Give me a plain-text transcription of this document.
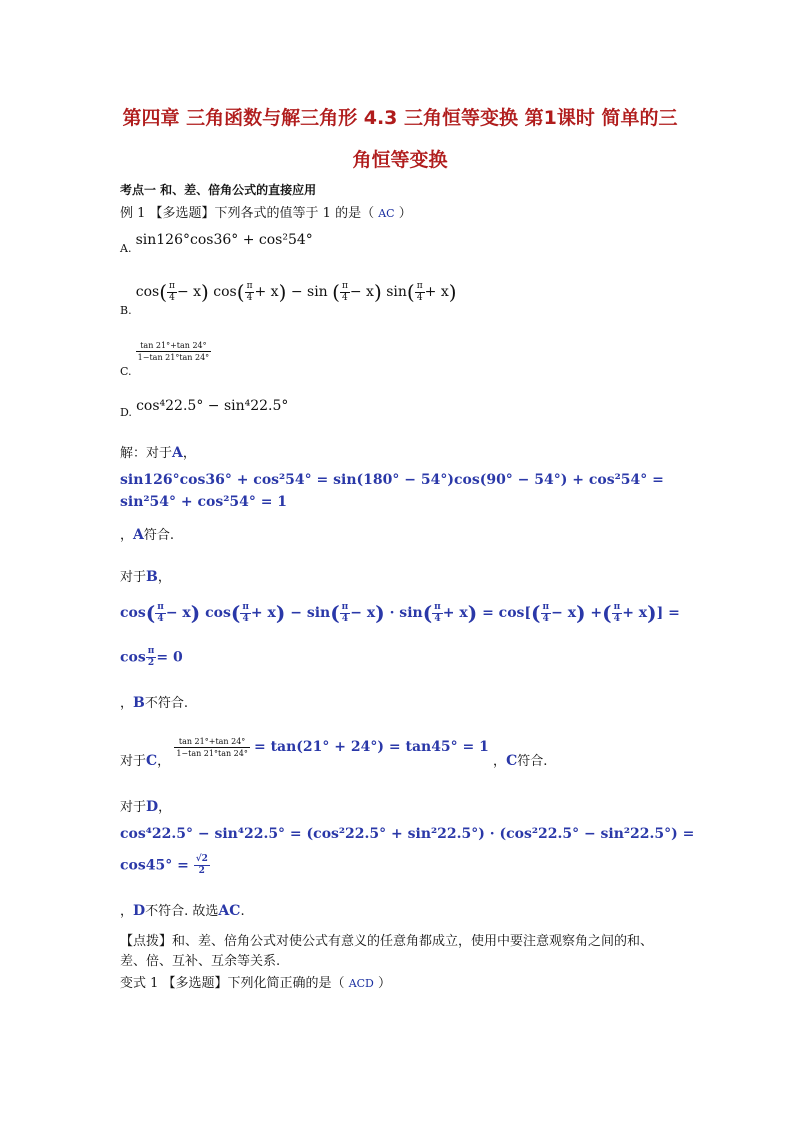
第四章 三角函数与解三角形 4.3 三角恒等变换 第1课时 简单的三
角恒等变换
考点一 和、差、倍角公式的直接应用
例 1 【多选题】下列各式的值等于 1 的是（ AC ）
$_{A.}$ sin126°cos36° + cos²54°
$_{B.}$ $\cos( \frac{\pi}{4} - x)$ $\cos( \frac{\pi}{4} + x) - \sin$ ( $\frac{\pi}{4} - x$) $\sin( \frac{\pi}{4} + x)$
$_{C.}$
$\frac{\tan 21^\circ+\tan 24^\circ}{1-\tan 21^\circ\tan 24^\circ}$
$_{D.}$ cos⁴22.5° − sin⁴22.5°
解：对于A，
sin126°cos36° + cos²54° = sin(180° − 54°)cos(90° − 54°) + cos²54° =
sin²54° + cos²54° = 1
，A符合.
对于B，
$\cos( \frac{\pi}{4} - x)$ $\cos( \frac{\pi}{4} + x) - \sin( \frac{\pi}{4} - x) \cdot \sin( \frac{\pi}{4} + x) = \cos[( \frac{\pi}{4} - x)$ +( $\frac{\pi}{4} + x$)] =
$\cos \frac{\pi}{2} = 0$
，B不符合.
对于C，
$\frac{\tan 21^\circ+\tan 24^\circ}{1-\tan 21^\circ\tan 24^\circ} = \tan(21^\circ + 24^\circ) = \tan 45^\circ = 1$ ，C符合.
对于D，
cos⁴22.5° − sin⁴22.5° = (cos²22.5° + sin²22.5°) · (cos²22.5° − sin²22.5°) =
$\cos 45^\circ = \frac{√2}{2}$
，D不符合. 故选AC.
【点拨】和、差、倍角公式对使公式有意义的任意角都成立，使用中要注意观察角之间的和、
差、倍、互补、互余等关系.
变式 1 【多选题】下列化简正确的是（ ACD ）
